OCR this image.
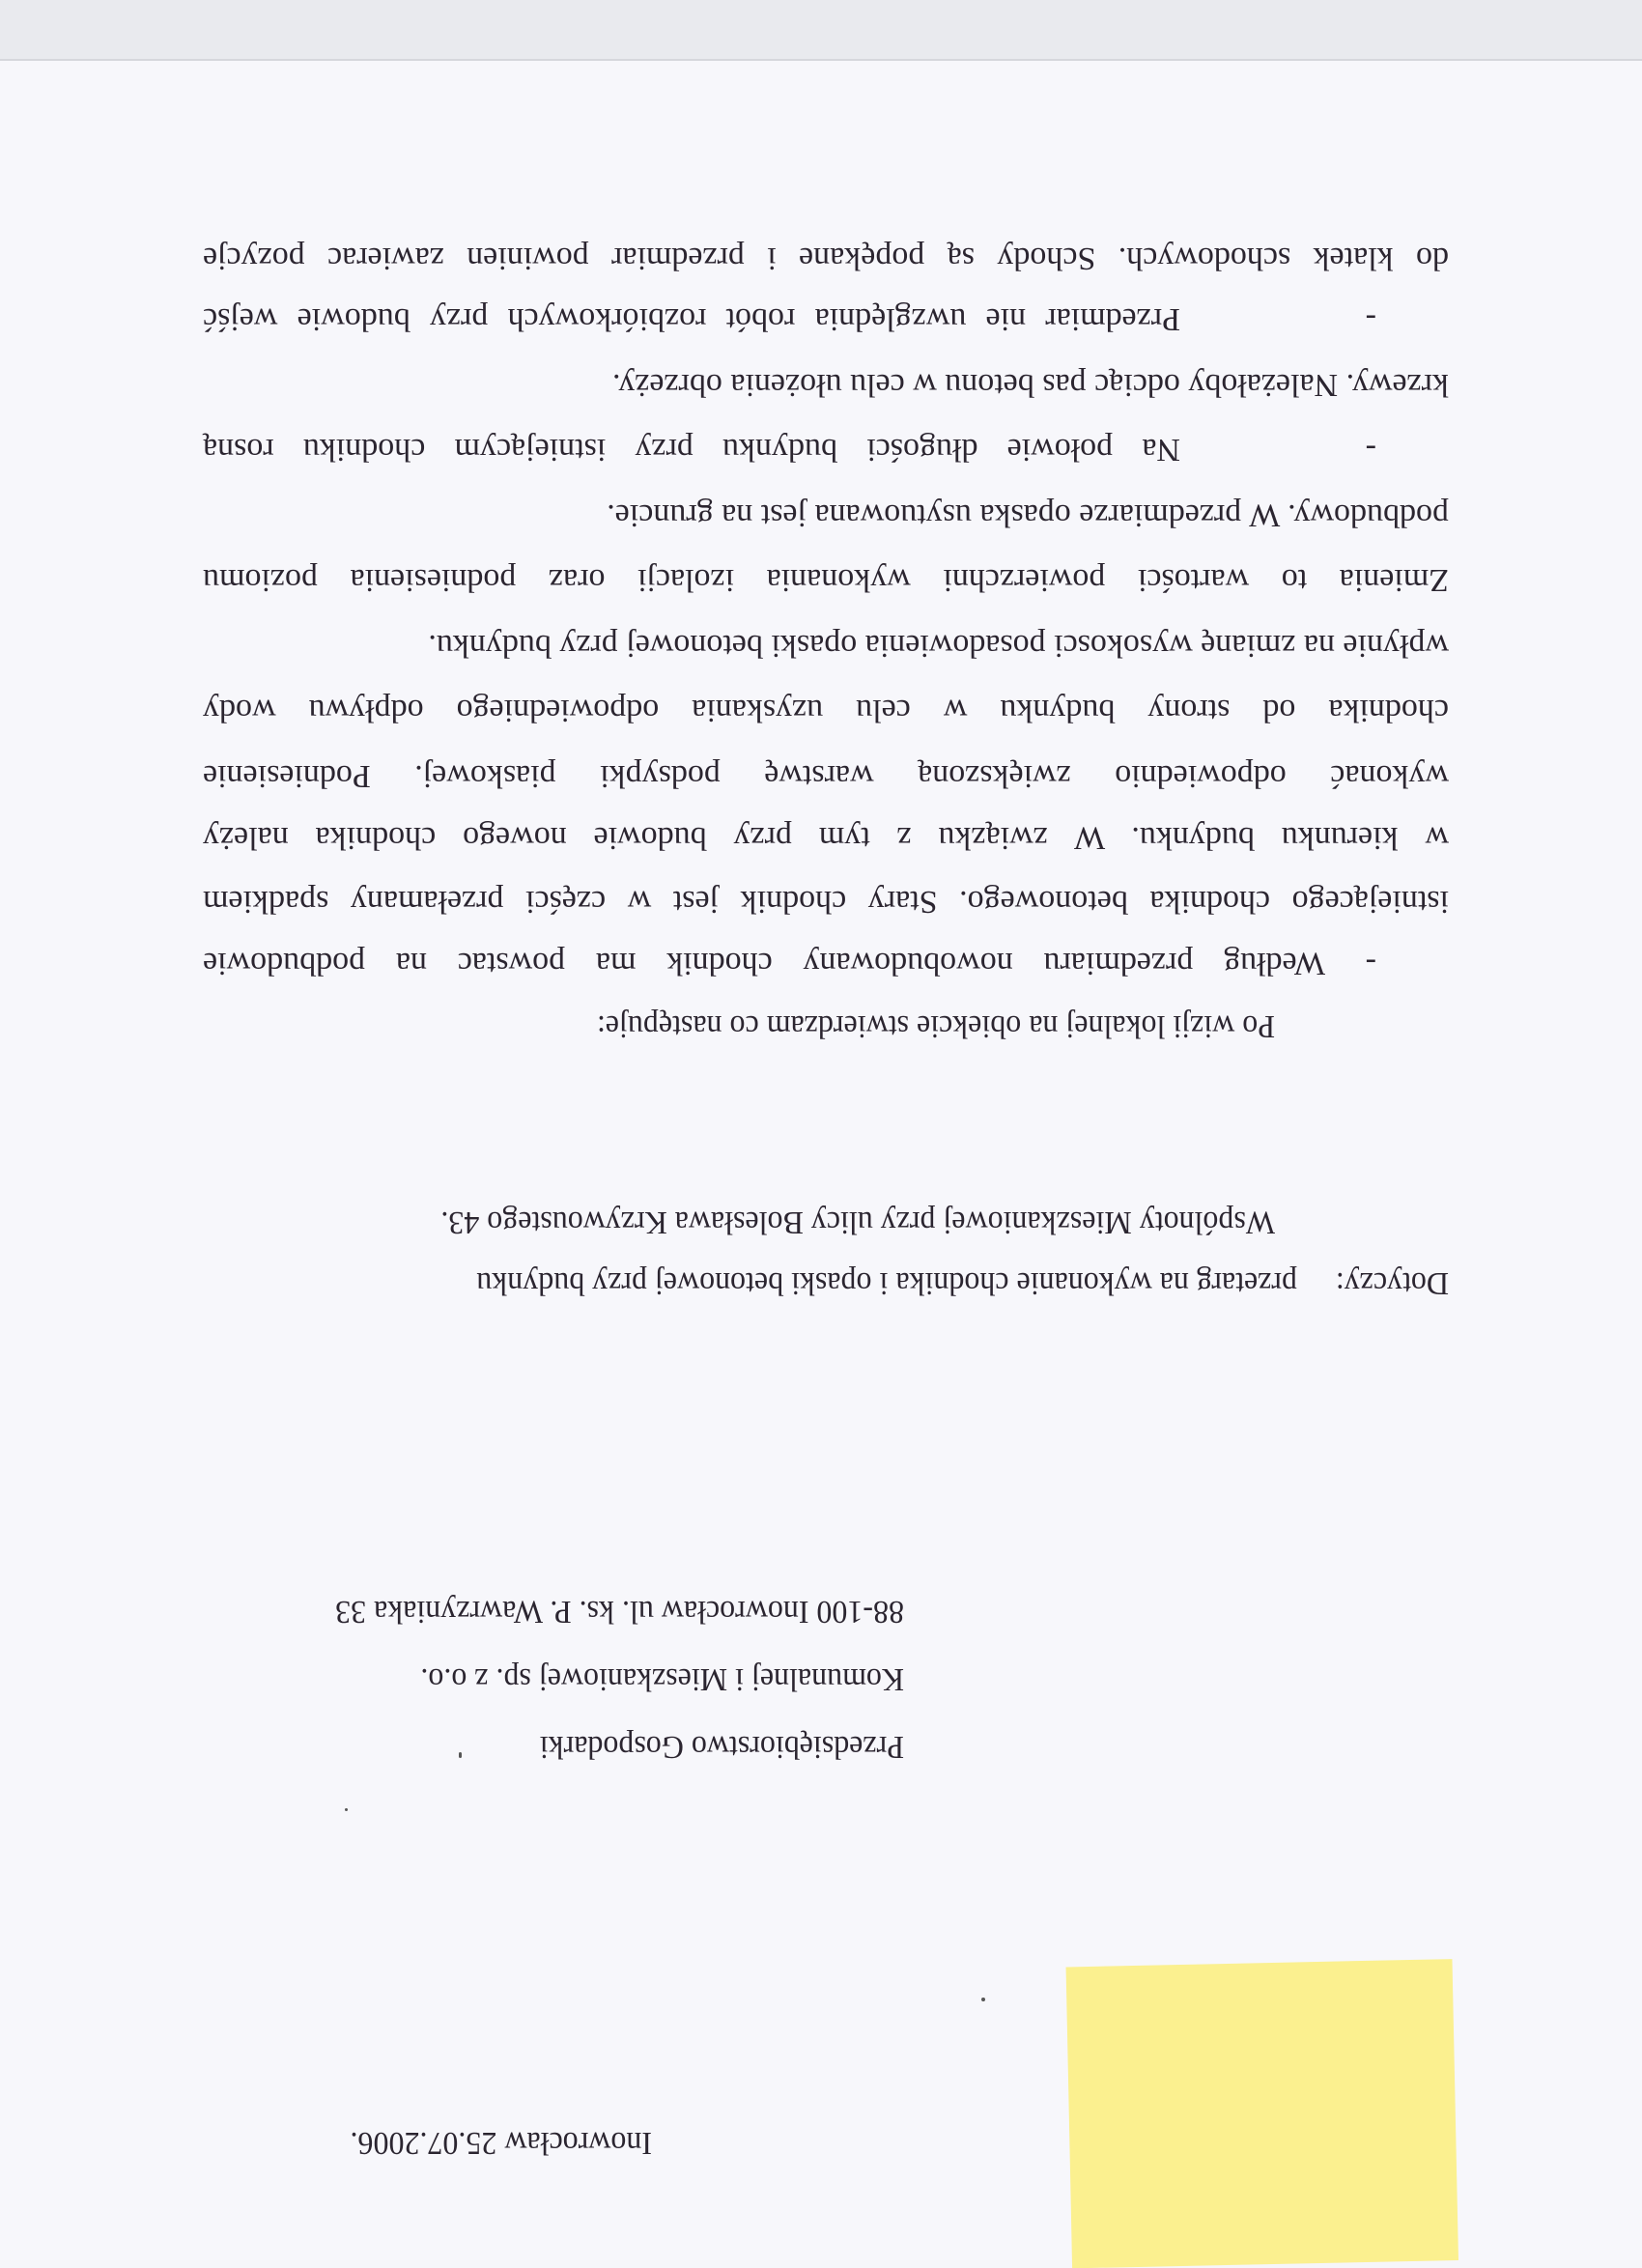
Inowrocław 25.07.2006.
Przedsiębiorstwo Gospodarki
Komunalnej i Mieszkaniowej sp. z o.o.
88-100 Inowrocław ul. ks. P. Wawrzyniaka 33
Dotyczy:
przetarg na wykonanie chodnika i opaski betonowej przy budynku
Wspólnoty Mieszkaniowej przy ulicy Bolesława Krzywoustego 43.
Po wizji lokalnej na obiekcie stwierdzam co następuje:
-
Według przedmiaru nowobudowany chodnik ma powstac na podbudowie
istniejącego chodnika betonowego. Stary chodnik jest w części przełamany spadkiem
w kierunku budynku. W związku z tym przy budowie nowego chodnika należy
wykonać odpowiednio zwiększoną warstwę podsypki piaskowej. Podniesienie
chodnika od strony budynku w celu uzyskania odpowiedniego odpływu wody
wpłynie na zmianę wysokosci posadowienia opaski betonowej przy budynku.
Zmienia to wartości powierzchni wykonania izolacji oraz podniesienia poziomu
podbudowy. W przedmiarze opaska usytuowana jest na gruncie.
-
Na połowie długości budynku przy istniejącym chodniku rosną
krzewy. Należałoby odciąc pas betonu w celu ułożenia obrzeży.
-
Przedmiar nie uwzględnia robót rozbiórkowych przy budowie wejść
do klatek schodowych. Schody są popękane i przedmiar powinien zawierac pozycje
